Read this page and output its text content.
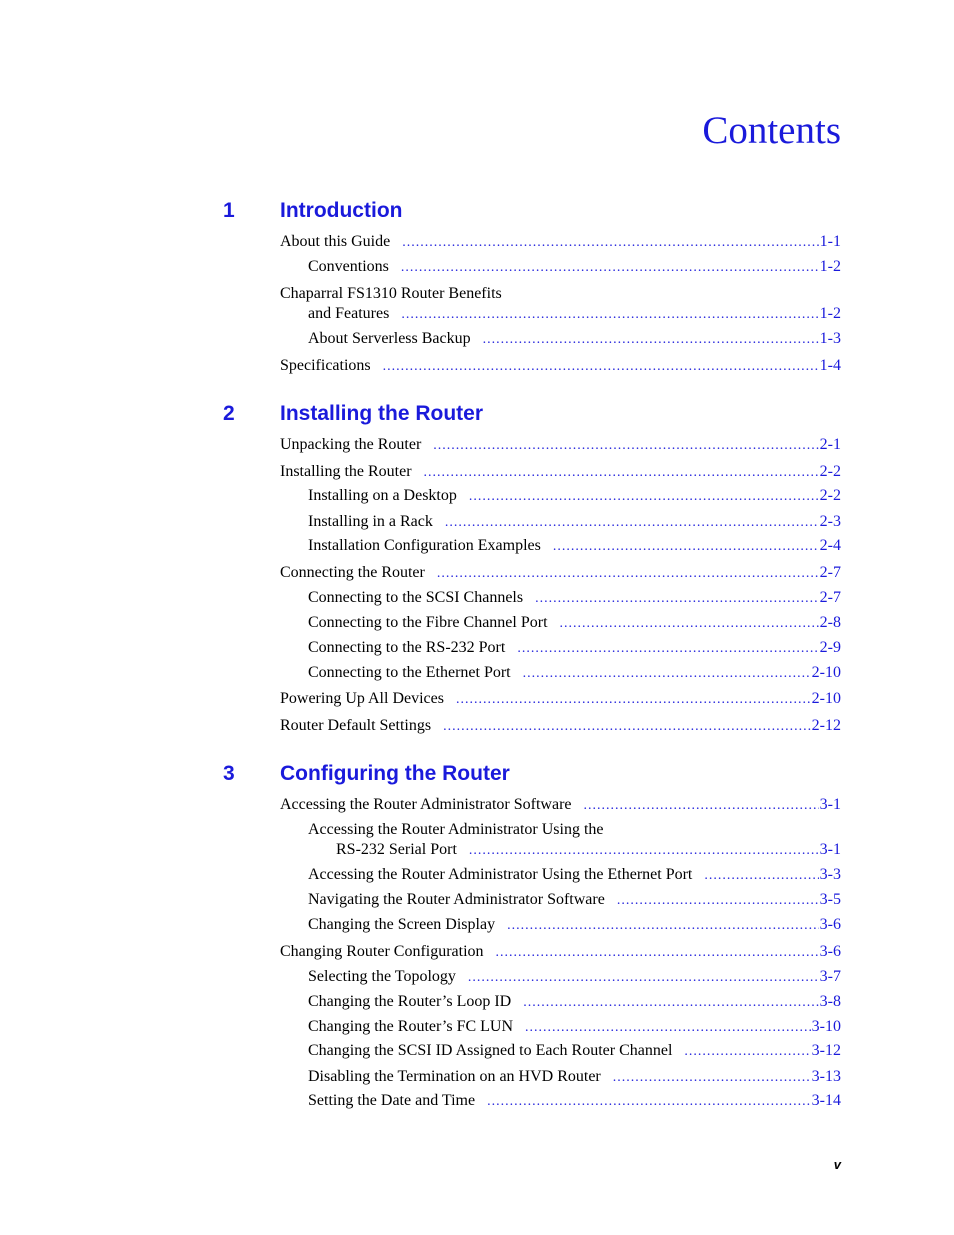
Contents
1 Introduction
About this Guide .....	1-1
Conventions .....	1-2
Chaparral FS1310 Router Benefits
and Features .....	1-2
About Serverless Backup .....	1-3
Specifications .....	1-4
2 Installing the Router
Unpacking the Router .....	2-1
Installing the Router .....	2-2
Installing on a Desktop .....	2-2
Installing in a Rack .....	2-3
Installation Configuration Examples .....	2-4
Connecting the Router .....	2-7
Connecting to the SCSI Channels .....	2-7
Connecting to the Fibre Channel Port .....	2-8
Connecting to the RS-232 Port .....	2-9
Connecting to the Ethernet Port .....	2-10
Powering Up All Devices .....	2-10
Router Default Settings .....	2-12
3 Configuring the Router
Accessing the Router Administrator Software .....	3-1
Accessing the Router Administrator Using the
RS-232 Serial Port .....	3-1
Accessing the Router Administrator Using the Ethernet Port .....	3-3
Navigating the Router Administrator Software .....	3-5
Changing the Screen Display .....	3-6
Changing Router Configuration .....	3-6
Selecting the Topology .....	3-7
Changing the Router’s Loop ID .....	3-8
Changing the Router’s FC LUN .....	3-10
Changing the SCSI ID Assigned to Each Router Channel .....	3-12
Disabling the Termination on an HVD Router .....	3-13
Setting the Date and Time .....	3-14
v
